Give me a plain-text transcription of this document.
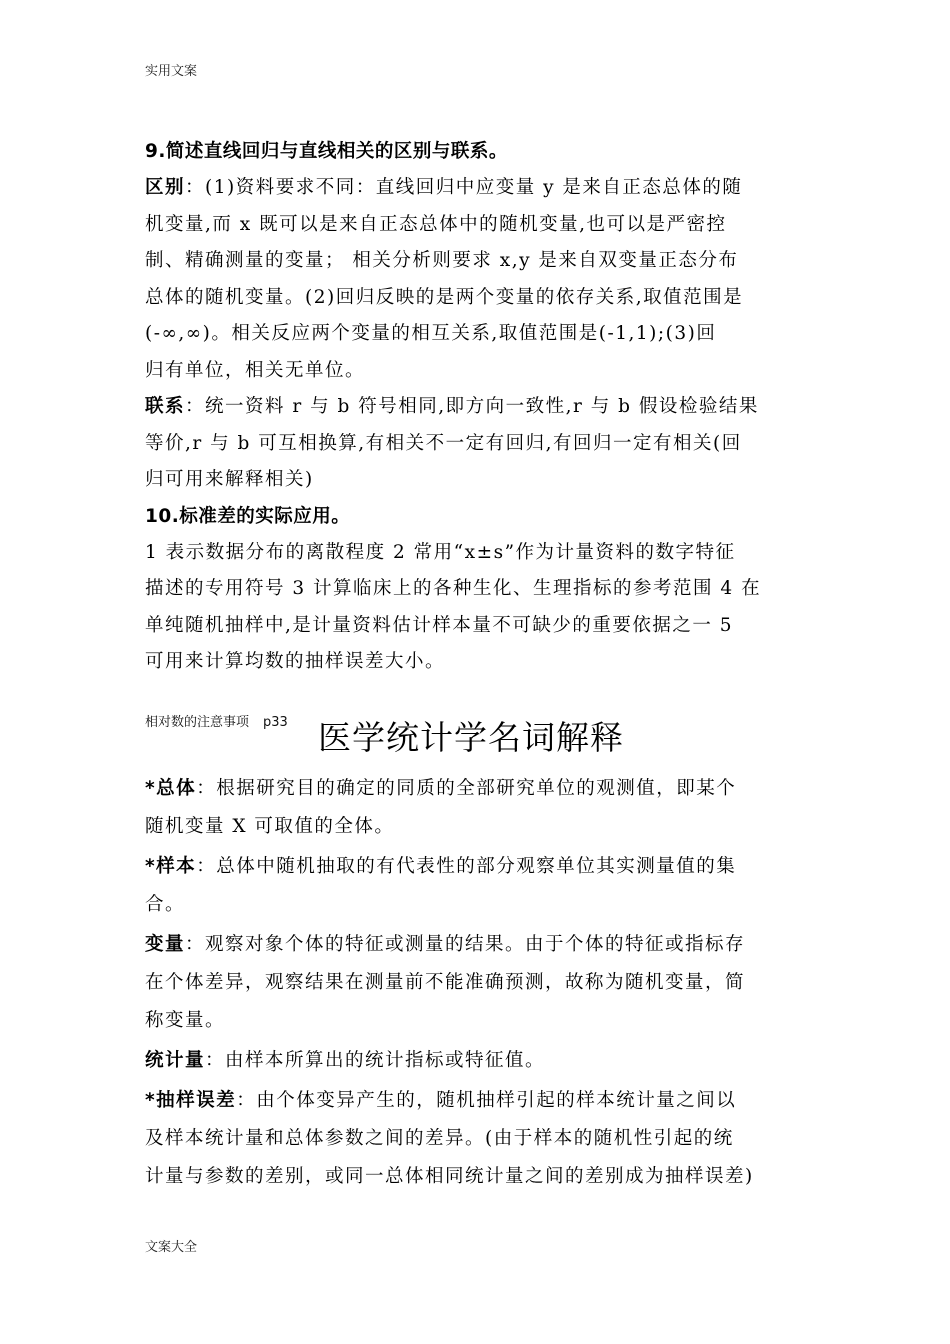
实用文案

9.简述直线回归与直线相关的区别与联系。

区别：(1)资料要求不同：直线回归中应变量 y 是来自正态总体的随
机变量,而 x 既可以是来自正态总体中的随机变量,也可以是严密控
制、精确测量的变量； 相关分析则要求 x,y 是来自双变量正态分布
总体的随机变量。(2)回归反映的是两个变量的依存关系,取值范围是
(-∞,∞)。相关反应两个变量的相互关系,取值范围是(-1,1);(3)回
归有单位，相关无单位。

联系：统一资料 r 与 b 符号相同,即方向一致性,r 与 b 假设检验结果
等价,r 与 b 可互相换算,有相关不一定有回归,有回归一定有相关(回
归可用来解释相关)

10.标准差的实际应用。

1 表示数据分布的离散程度 2 常用“x±s”作为计量资料的数字特征
描述的专用符号 3 计算临床上的各种生化、生理指标的参考范围 4 在
单纯随机抽样中,是计量资料估计样本量不可缺少的重要依据之一 5
可用来计算均数的抽样误差大小。

相对数的注意事项 p33 医学统计学名词解释

*总体：根据研究目的确定的同质的全部研究单位的观测值，即某个
随机变量 X 可取值的全体。

*样本：总体中随机抽取的有代表性的部分观察单位其实测量值的集
合。

变量：观察对象个体的特征或测量的结果。由于个体的特征或指标存
在个体差异，观察结果在测量前不能准确预测，故称为随机变量，简
称变量。

统计量：由样本所算出的统计指标或特征值。

*抽样误差：由个体变异产生的，随机抽样引起的样本统计量之间以
及样本统计量和总体参数之间的差异。(由于样本的随机性引起的统
计量与参数的差别，或同一总体相同统计量之间的差别成为抽样误差)

文案大全
